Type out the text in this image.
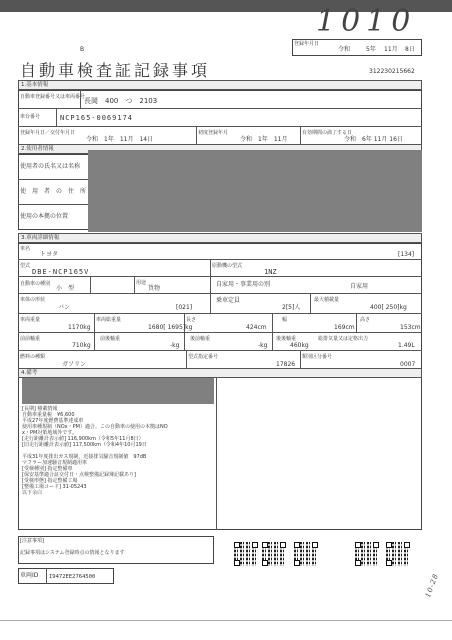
1010
登録年月日
令和	5年 11月 8日
B
自動車検査証記録事項	312230215662
1.基本情報
自動車登録番号又は車両番号
長岡　400　つ　2103
車台番号	NCP165-0069174
登録年月日／交付年月日
令和　1年　11月　14日
初度登録年月
令和　1年　11月
有効期間の満了する日
令和　6年 11月 16日
2.使用者情報
使用者の氏名又は名称
使　用　者　の　住　所
使用の本拠の位置
3.車両詳細情報
車名
トヨタ	[134]
型式
DBE-NCP165V
原動機の型式
1NZ
自動車の種別
小　型
用途
貨物
自家用・事業用の別	自家用
車体の形状
バン	[021]
乗車定員
2[5]人
最大積載量
400[ 250]kg
車両重量
1170kg
車両総重量
1680[ 1695]kg
長さ
424cm
幅
169cm
高さ
153cm
前前軸重
710kg
前後軸重
-kg
後前軸重
-kg
後後軸重
460kg
総排気量又は定格出力
1.49L
燃料の種類
ガソリン
型式指定番号
17826
類別区分番号
0007
4.備考
[長期] 積載情報
自動車重量税　¥6,600
平成27年度燃費基準達成車
使用車種規制（NOx・PM）適合。この自動車の使用の本拠はNO
x・PM対策地域外です。
[走行距離計表示値] 116,900km（令和5年11月8日）
[旧走行距離計表示値] 117,500km（令和4年10月19日
平成31年度排出ガス規制，近接排気騒音規制値　97dB
マフラー加速騒音規制適用車
[受検種別] 指定整備車
[保安基準適合証交付日・点検整備記録簿記載あり]
[受検形態] 指定整備工場
[整備工場コード] 31-05243
以下余白
[注意事項]
記録事項はシステム登録時点の情報となります
車両ID I9472EE2764500	10-28
